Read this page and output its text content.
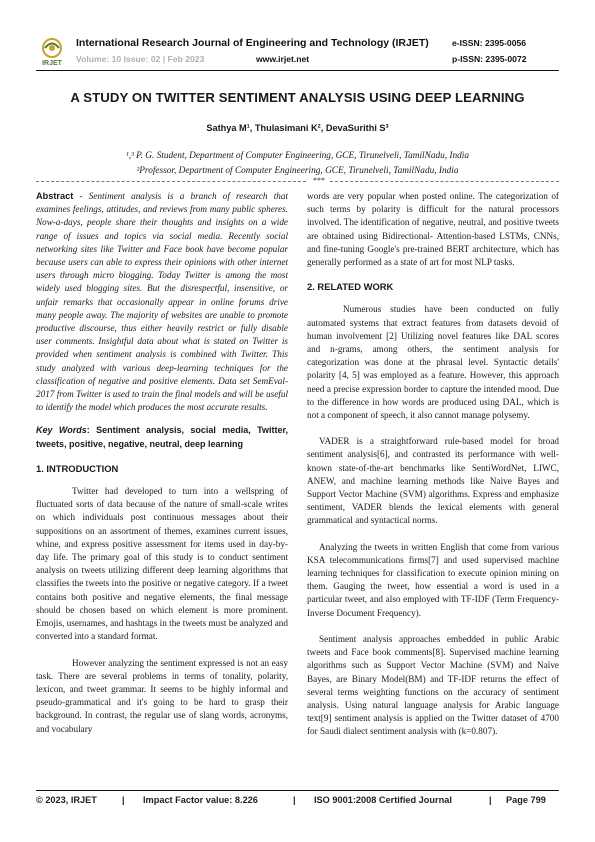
IRJET
International Research Journal of Engineering and Technology (IRJET)
Volume: 10 Issue: 02 | Feb 2023	www.irjet.net
e-ISSN: 2395-0056
p-ISSN: 2395-0072
A STUDY ON TWITTER SENTIMENT ANALYSIS USING DEEP LEARNING
Sathya M¹, Thulasimani K², DevaSurithi S³
¹,³ P. G. Student, Department of Computer Engineering, GCE, Tirunelveli, TamilNadu, India
²Professor, Department of Computer Engineering, GCE, Tirunelveli, TamilNadu, India
***

Abstract - Sentiment analysis is a branch of research that examines feelings, attitudes, and reviews from many public spheres. Now-a-days, people share their thoughts and insights on a wide range of issues and topics via social media. Recently social networking sites like Twitter and Face book have become popular because users can able to express their opinions with other internet users through micro blogging. Today Twitter is among the most widely used blogging sites. But the disrespectful, insensitive, or unfair remarks that occasionally appear in online forums drive many people away. The majority of websites are unable to promote productive discourse, thus either heavily restrict or fully disable user comments. Insightful data about what is stated on Twitter is provided when sentiment analysis is combined with Twitter. This study analyzed with various deep-learning techniques for the classification of negative and positive elements. Data set SemEval-2017 from Twitter is used to train the final models and will be useful to identify the model which produces the most accurate results.

Key Words: Sentiment analysis, social media, Twitter, tweets, positive, negative, neutral, deep learning

1. INTRODUCTION

Twitter had developed to turn into a wellspring of fluctuated sorts of data because of the nature of small-scale writes on which individuals post continuous messages about their suppositions on an assortment of themes, examines current issues, whine, and express positive assessment for items used in day-by-day life. The primary goal of this study is to conduct sentiment analysis on tweets utilizing different deep learning algorithms that classifies the tweets into the positive or negative category. If a tweet contains both positive and negative elements, the final message should be chosen based on which element is more prominent. Emojis, usernames, and hashtags in the tweets must be analyzed and converted into a standard format.

However analyzing the sentiment expressed is not an easy task. There are several problems in terms of tonality, polarity, lexicon, and tweet grammar. It seems to be highly informal and pseudo-grammatical and it's going to be hard to grasp their background. In contrast, the regular use of slang words, acronyms, and vocabulary

words are very popular when posted online. The categorization of such terms by polarity is difficult for the natural processors involved. The identification of negative, neutral, and positive tweets are obtained using Bidirectional- Attention-based LSTMs, CNNs, and fine-tuning Google's pre-trained BERT architecture, which has generally performed as a state of art for most NLP tasks.

2. RELATED WORK

Numerous studies have been conducted on fully automated systems that extract features from datasets devoid of human involvement [2] Utilizing novel features like DAL scores and n-grams, among others, the sentiment analysis for categorization was done at the phrasal level. Syntactic details' polarity [4, 5] was employed as a feature. However, this approach need a precise expression border to capture the intended mood. Due to the difference in how words are produced using DAL, which is not a component of speech, it also cannot manage polysemy.

VADER is a straightforward rule-based model for broad sentiment analysis[6], and contrasted its performance with well-known state-of-the-art benchmarks like SentiWordNet, LIWC, ANEW, and machine learning methods like Naive Bayes and Support Vector Machine (SVM) algorithms. Express and emphasize sentiment, VADER blends the lexical elements with general grammatical and syntactical norms.

Analyzing the tweets in written English that come from various KSA telecommunications firms[7] and used supervised machine learning techniques for classification to execute opinion mining on them. Gauging the tweet, how essential a word is used in a particular tweet, and also employed with TF-IDF (Term Frequency-Inverse Document Frequency).

Sentiment analysis approaches embedded in public Arabic tweets and Face book comments[8]. Supervised machine learning algorithms such as Support Vector Machine (SVM) and Naïve Bayes, are Binary Model(BM) and TF-IDF returns the effect of several terms weighting functions on the accuracy of sentiment analysis. Using natural language analysis for Arabic language text[9] sentiment analysis is applied on the Twitter dataset of 4700 for Saudi dialect sentiment analysis with (k=0.807).

© 2023, IRJET	| Impact Factor value: 8.226	| ISO 9001:2008 Certified Journal	| Page 799
